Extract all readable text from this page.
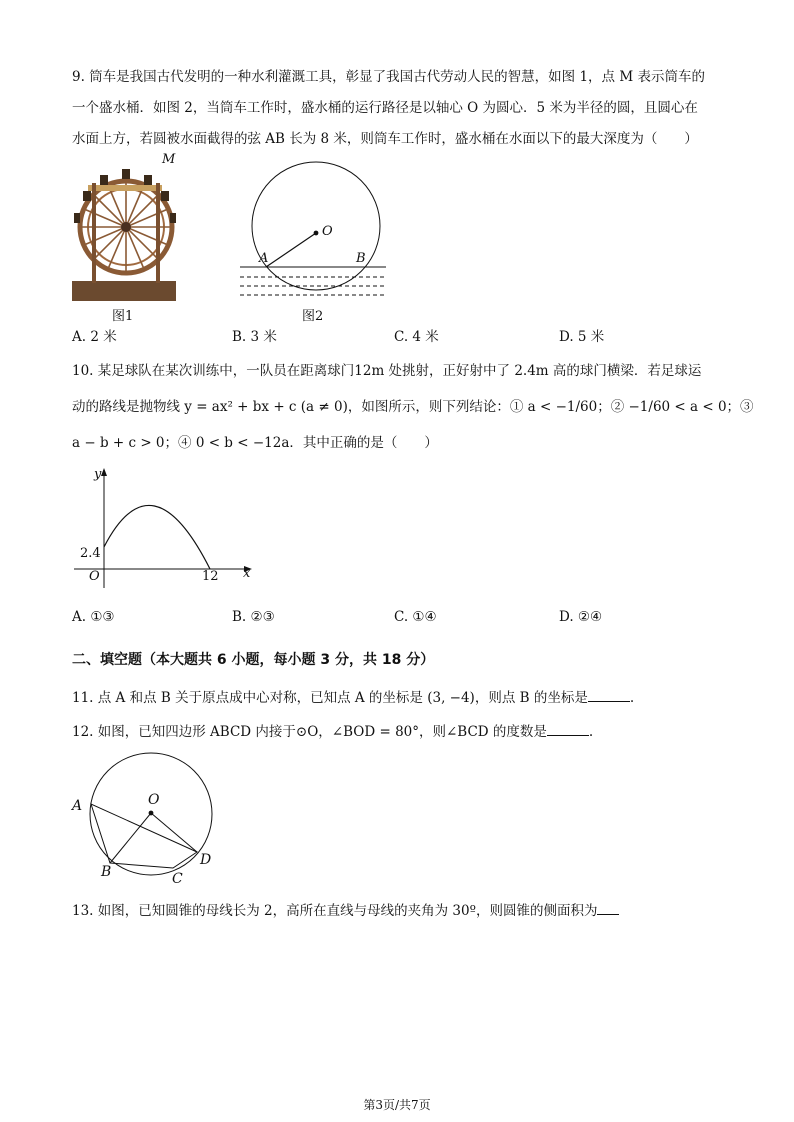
9. 筒车是我国古代发明的一种水利灌溉工具，彰显了我国古代劳动人民的智慧，如图 1，点 M 表示筒车的
一个盛水桶．如图 2，当筒车工作时，盛水桶的运行路径是以轴心 O 为圆心．5 米为半径的圆，且圆心在
水面上方，若圆被水面截得的弦 AB 长为 8 米，则筒车工作时，盛水桶在水面以下的最大深度为（　　）
M
图1
O
A	B
图2
A. 2 米	B. 3 米	C. 4 米	D. 5 米
10. 某足球队在某次训练中，一队员在距离球门12m 处挑射，正好射中了 2.4m 高的球门横梁．若足球运
动的路线是抛物线 y = ax² + bx + c (a ≠ 0)，如图所示，则下列结论：① a < −1/60；② −1/60 < a < 0；③
a − b + c > 0；④ 0 < b < −12a．其中正确的是（　　）
y
x
O
2.4
12
A. ①③	B. ②③	C. ①④	D. ②④
二、填空题（本大题共 6 小题，每小题 3 分，共 18 分）
11. 点 A 和点 B 关于原点成中心对称，已知点 A 的坐标是 (3, −4)，则点 B 的坐标是	.
12. 如图，已知四边形 ABCD 内接于⊙O，∠BOD = 80°，则∠BCD 的度数是	.
O
A
B	C
D
13. 如图，已知圆锥的母线长为 2，高所在直线与母线的夹角为 30º，则圆锥的侧面积为
第3页/共7页
